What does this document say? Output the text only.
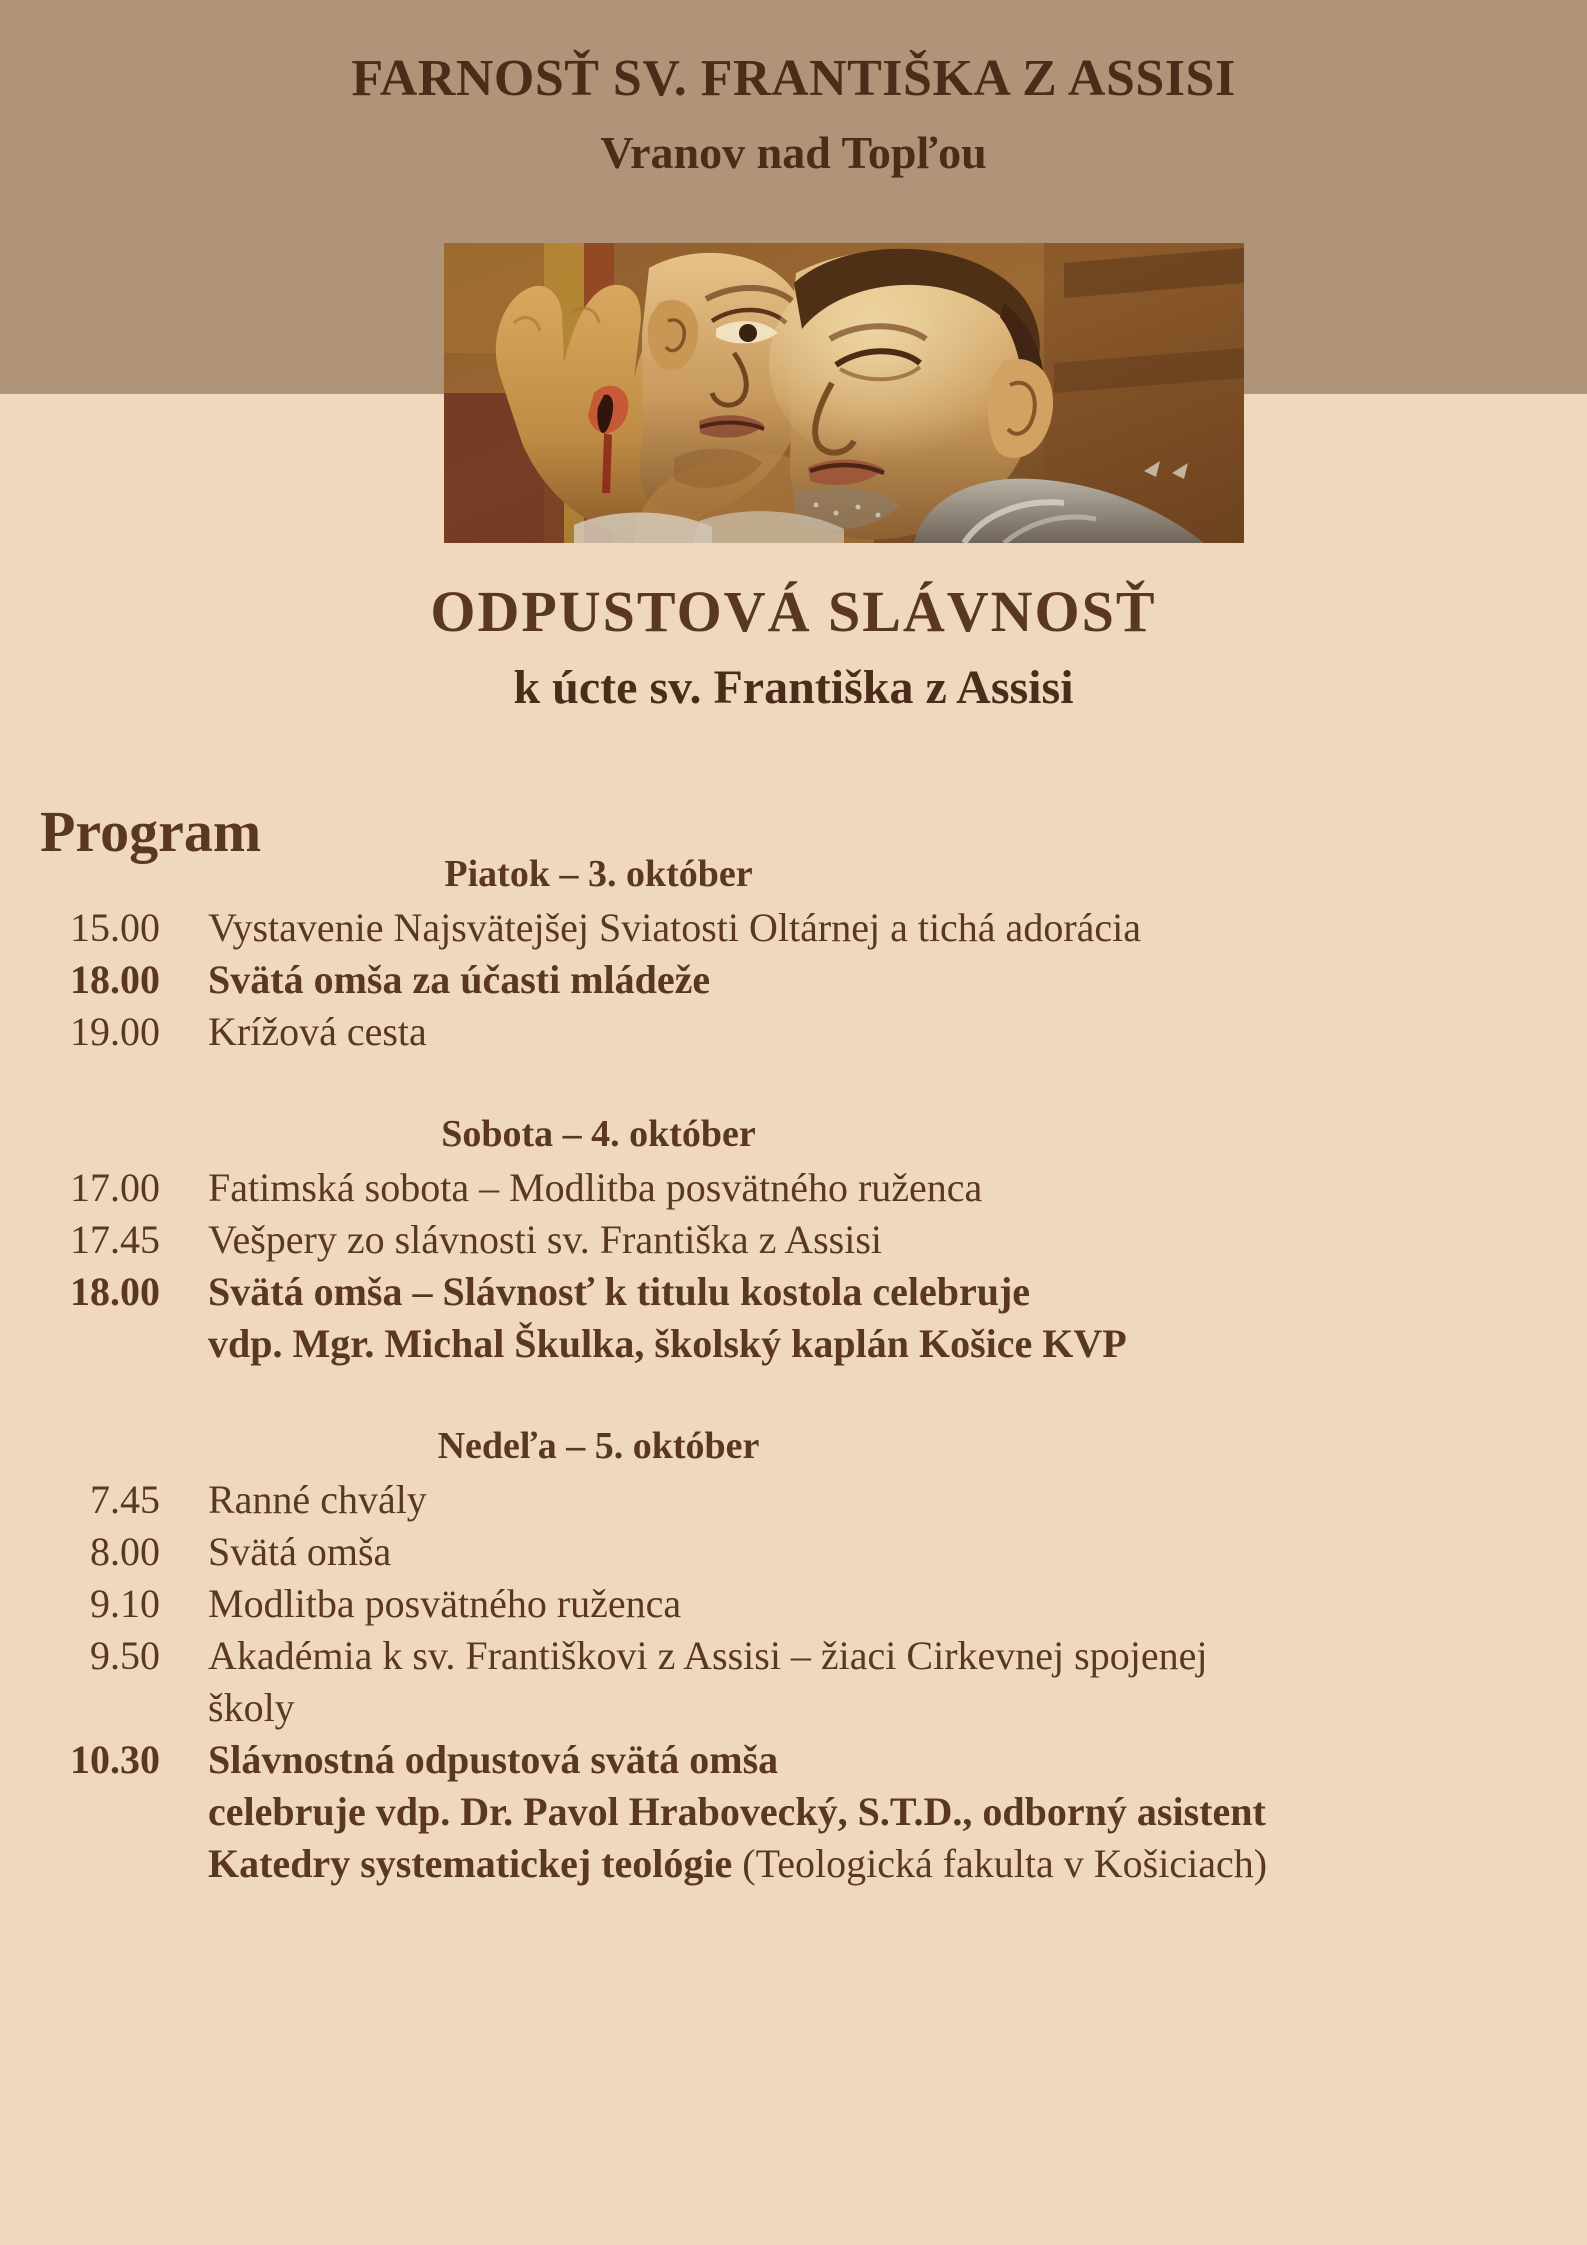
FARNOSŤ SV. FRANTIŠKA Z ASSISI
Vranov nad Topľou
ODPUSTOVÁ SLÁVNOSŤ
k úcte sv. Františka z Assisi
Program
Piatok – 3. október
15.00	Vystavenie Najsvätejšej Sviatosti Oltárnej a tichá adorácia
18.00	Svätá omša za účasti mládeže
19.00	Krížová cesta
Sobota – 4. október
17.00	Fatimská sobota – Modlitba posvätného ruženca
17.45	Vešpery zo slávnosti sv. Františka z Assisi
18.00	Svätá omša – Slávnosť k titulu kostola celebruje
vdp. Mgr. Michal Škulka, školský kaplán Košice KVP
Nedeľa – 5. október
7.45	Ranné chvály
8.00	Svätá omša
9.10	Modlitba posvätného ruženca
9.50	Akadémia k sv. Františkovi z Assisi – žiaci Cirkevnej spojenej
školy
10.30	Slávnostná odpustová svätá omša
celebruje vdp. Dr. Pavol Hrabovecký, S.T.D., odborný asistent
Katedry systematickej teológie (Teologická fakulta v Košiciach)
